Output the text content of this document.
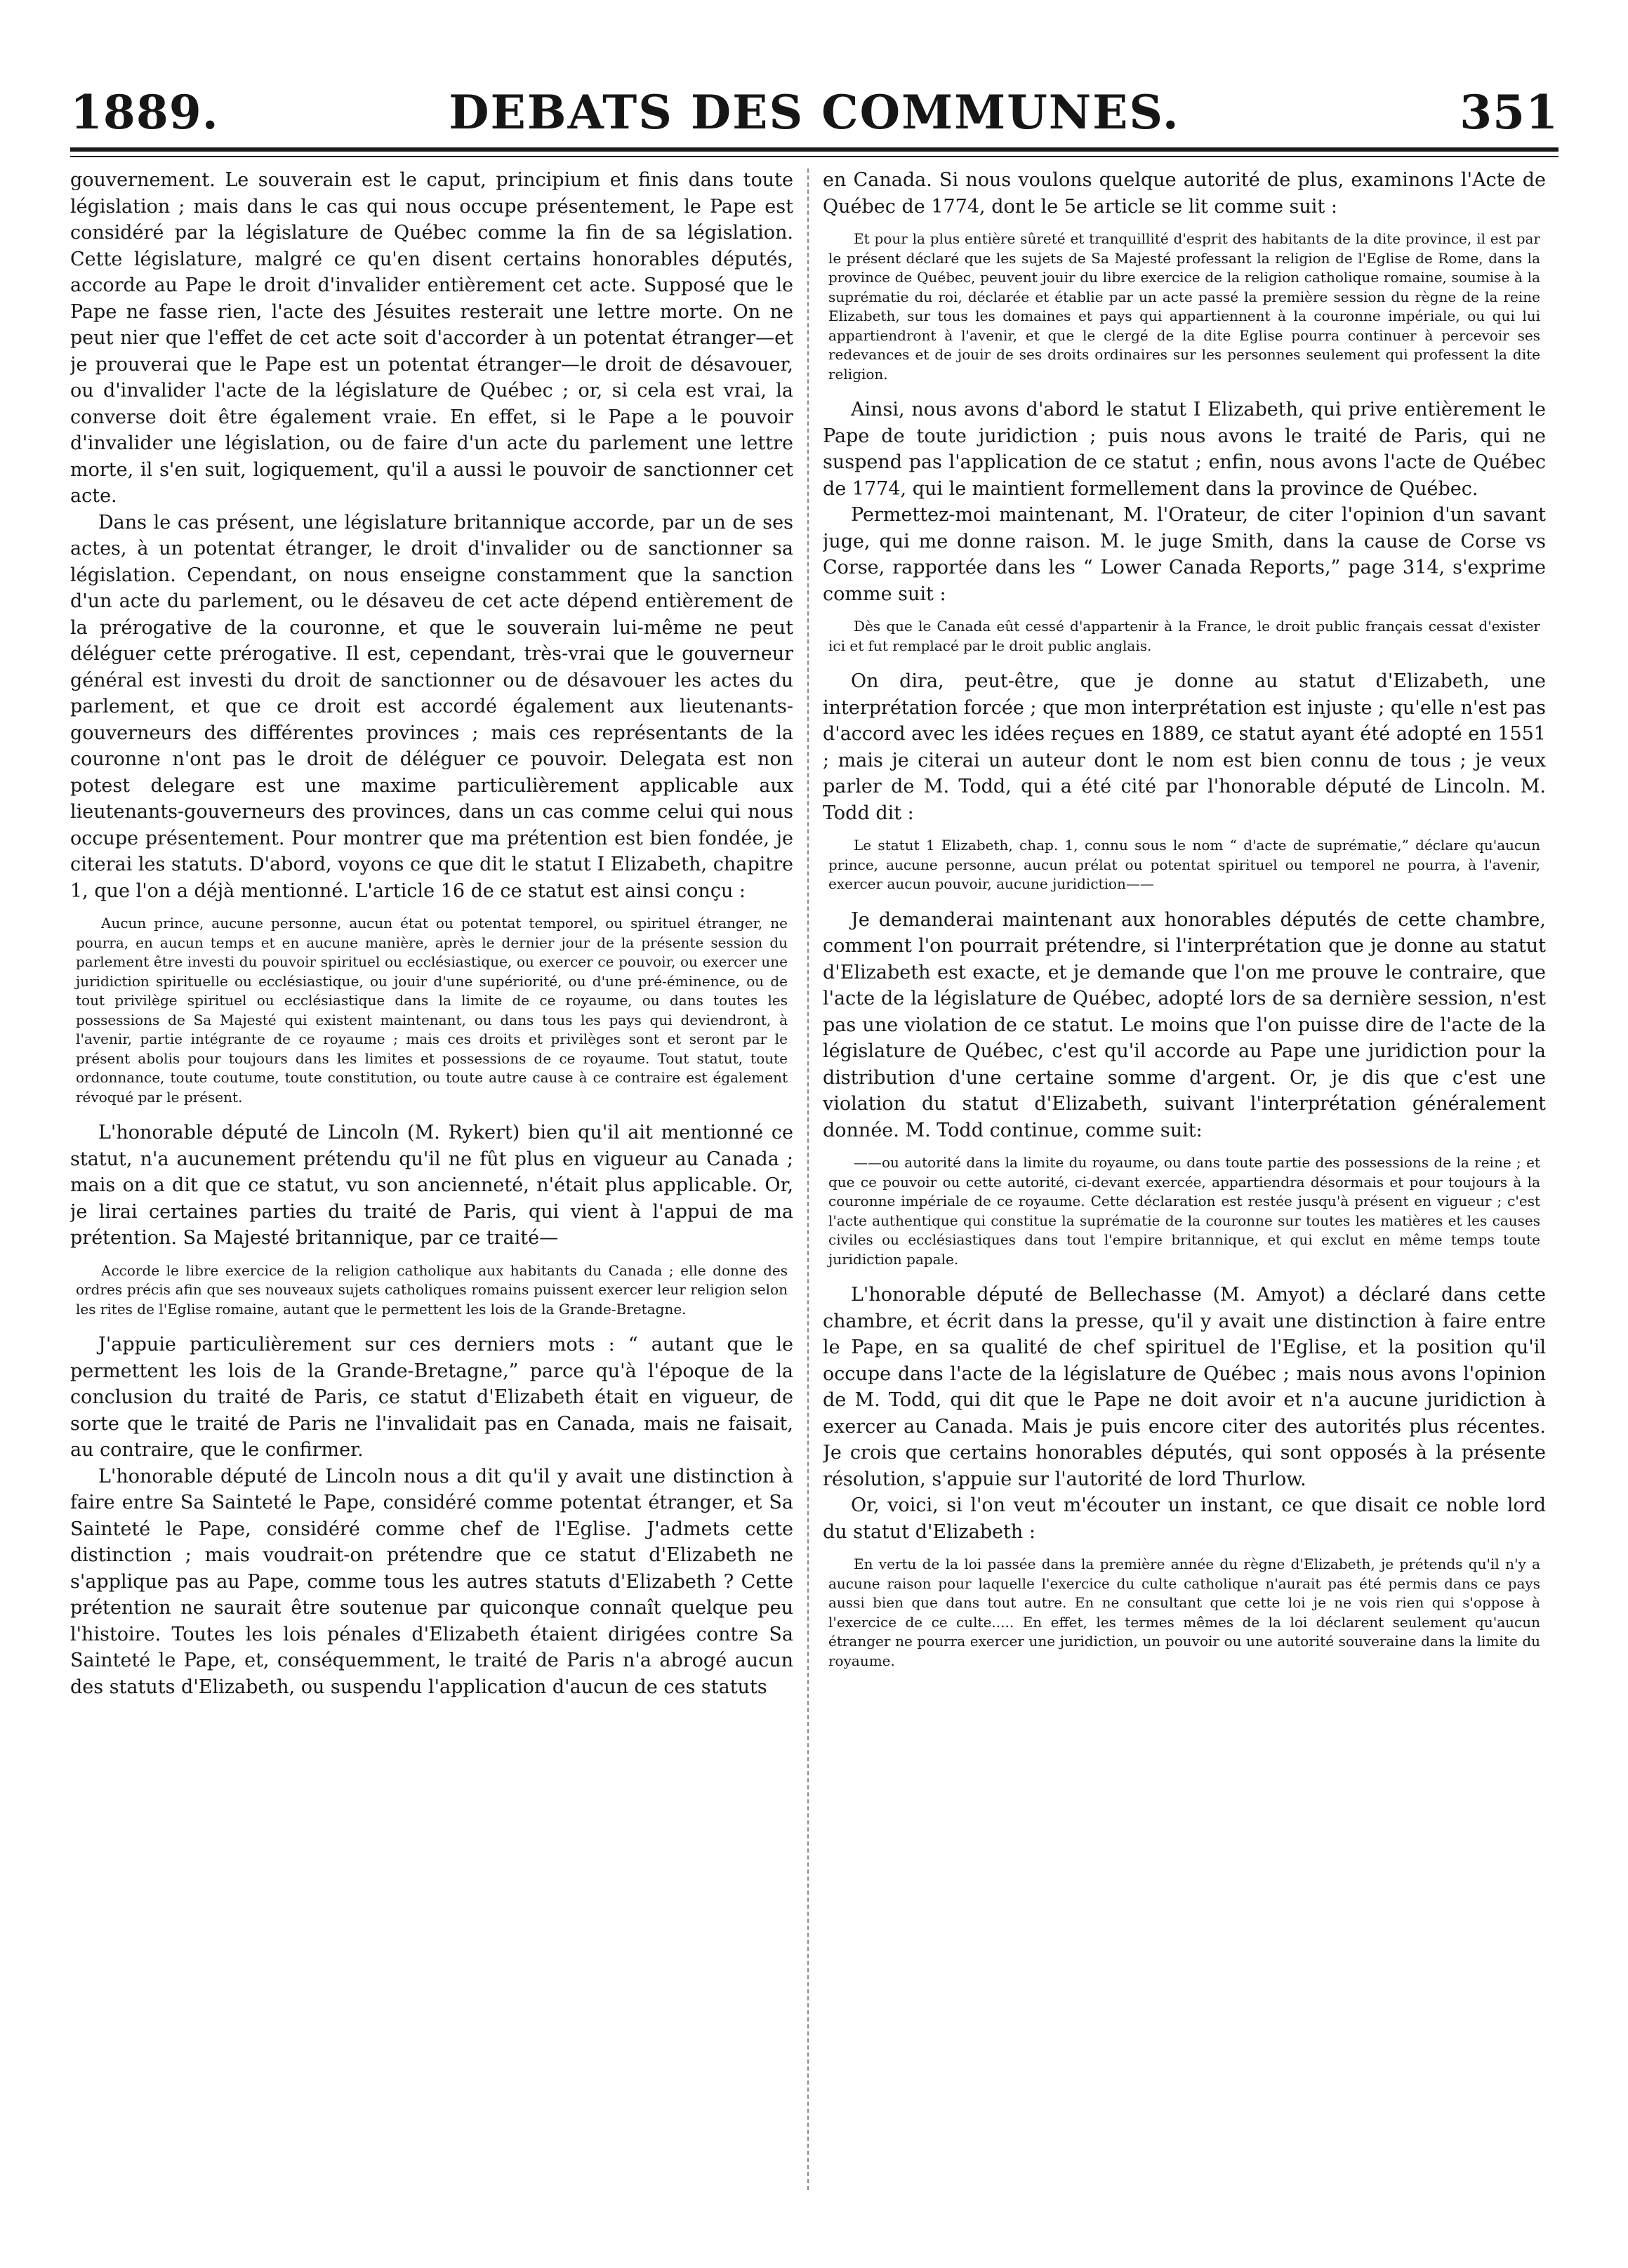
1889.	DEBATS DES COMMUNES.	351

gouvernement. Le souverain est le caput, principium et finis dans toute législation ; mais dans le cas qui nous occupe présentement, le Pape est considéré par la législature de Québec comme la fin de sa législation. Cette législature, malgré ce qu'en disent certains honorables députés, accorde au Pape le droit d'invalider entièrement cet acte. Supposé que le Pape ne fasse rien, l'acte des Jésuites resterait une lettre morte. On ne peut nier que l'effet de cet acte soit d'accorder à un potentat étranger—et je prouverai que le Pape est un potentat étranger—le droit de désavouer, ou d'invalider l'acte de la législature de Québec ; or, si cela est vrai, la converse doit être également vraie. En effet, si le Pape a le pouvoir d'invalider une législation, ou de faire d'un acte du parlement une lettre morte, il s'en suit, logiquement, qu'il a aussi le pouvoir de sanctionner cet acte.

Dans le cas présent, une législature britannique accorde, par un de ses actes, à un potentat étranger, le droit d'invalider ou de sanctionner sa législation. Cependant, on nous enseigne constamment que la sanction d'un acte du parlement, ou le désaveu de cet acte dépend entièrement de la prérogative de la couronne, et que le souverain lui-même ne peut déléguer cette prérogative. Il est, cependant, très-vrai que le gouverneur général est investi du droit de sanctionner ou de désavouer les actes du parlement, et que ce droit est accordé également aux lieutenants-gouverneurs des différentes provinces ; mais ces représentants de la couronne n'ont pas le droit de déléguer ce pouvoir. Delegata est non potest delegare est une maxime particulièrement applicable aux lieutenants-gouverneurs des provinces, dans un cas comme celui qui nous occupe présentement. Pour montrer que ma prétention est bien fondée, je citerai les statuts. D'abord, voyons ce que dit le statut I Elizabeth, chapitre 1, que l'on a déjà mentionné. L'article 16 de ce statut est ainsi conçu :

Aucun prince, aucune personne, aucun état ou potentat temporel, ou spirituel étranger, ne pourra, en aucun temps et en aucune manière, après le dernier jour de la présente session du parlement être investi du pouvoir spirituel ou ecclésiastique, ou exercer ce pouvoir, ou exercer une juridiction spirituelle ou ecclésiastique, ou jouir d'une supériorité, ou d'une pré-éminence, ou de tout privilège spirituel ou ecclésiastique dans la limite de ce royaume, ou dans toutes les possessions de Sa Majesté qui existent maintenant, ou dans tous les pays qui deviendront, à l'avenir, partie intégrante de ce royaume ; mais ces droits et privilèges sont et seront par le présent abolis pour toujours dans les limites et possessions de ce royaume. Tout statut, toute ordonnance, toute coutume, toute constitution, ou toute autre cause à ce contraire est également révoqué par le présent.

L'honorable député de Lincoln (M. Rykert) bien qu'il ait mentionné ce statut, n'a aucunement prétendu qu'il ne fût plus en vigueur au Canada ; mais on a dit que ce statut, vu son ancienneté, n'était plus applicable. Or, je lirai certaines parties du traité de Paris, qui vient à l'appui de ma prétention. Sa Majesté britannique, par ce traité—

Accorde le libre exercice de la religion catholique aux habitants du Canada ; elle donne des ordres précis afin que ses nouveaux sujets catholiques romains puissent exercer leur religion selon les rites de l'Eglise romaine, autant que le permettent les lois de la Grande-Bretagne.

J'appuie particulièrement sur ces derniers mots : “ autant que le permettent les lois de la Grande-Bretagne,” parce qu'à l'époque de la conclusion du traité de Paris, ce statut d'Elizabeth était en vigueur, de sorte que le traité de Paris ne l'invalidait pas en Canada, mais ne faisait, au contraire, que le confirmer.

L'honorable député de Lincoln nous a dit qu'il y avait une distinction à faire entre Sa Sainteté le Pape, considéré comme potentat étranger, et Sa Sainteté le Pape, considéré comme chef de l'Eglise. J'admets cette distinction ; mais voudrait-on prétendre que ce statut d'Elizabeth ne s'applique pas au Pape, comme tous les autres statuts d'Elizabeth ? Cette prétention ne saurait être soutenue par quiconque connaît quelque peu l'histoire. Toutes les lois pénales d'Elizabeth étaient dirigées contre Sa Sainteté le Pape, et, conséquemment, le traité de Paris n'a abrogé aucun des statuts d'Elizabeth, ou suspendu l'application d'aucun de ces statuts

en Canada. Si nous voulons quelque autorité de plus, examinons l'Acte de Québec de 1774, dont le 5e article se lit comme suit :

Et pour la plus entière sûreté et tranquillité d'esprit des habitants de la dite province, il est par le présent déclaré que les sujets de Sa Majesté professant la religion de l'Eglise de Rome, dans la province de Québec, peuvent jouir du libre exercice de la religion catholique romaine, soumise à la suprématie du roi, déclarée et établie par un acte passé la première session du règne de la reine Elizabeth, sur tous les domaines et pays qui appartiennent à la couronne impériale, ou qui lui appartiendront à l'avenir, et que le clergé de la dite Eglise pourra continuer à percevoir ses redevances et de jouir de ses droits ordinaires sur les personnes seulement qui professent la dite religion.

Ainsi, nous avons d'abord le statut I Elizabeth, qui prive entièrement le Pape de toute juridiction ; puis nous avons le traité de Paris, qui ne suspend pas l'application de ce statut ; enfin, nous avons l'acte de Québec de 1774, qui le maintient formellement dans la province de Québec.

Permettez-moi maintenant, M. l'Orateur, de citer l'opinion d'un savant juge, qui me donne raison. M. le juge Smith, dans la cause de Corse vs Corse, rapportée dans les “ Lower Canada Reports,” page 314, s'exprime comme suit :

Dès que le Canada eût cessé d'appartenir à la France, le droit public français cessat d'exister ici et fut remplacé par le droit public anglais.

On dira, peut-être, que je donne au statut d'Elizabeth, une interprétation forcée ; que mon interprétation est injuste ; qu'elle n'est pas d'accord avec les idées reçues en 1889, ce statut ayant été adopté en 1551 ; mais je citerai un auteur dont le nom est bien connu de tous ; je veux parler de M. Todd, qui a été cité par l'honorable député de Lincoln. M. Todd dit :

Le statut 1 Elizabeth, chap. 1, connu sous le nom “ d'acte de suprématie,” déclare qu'aucun prince, aucune personne, aucun prélat ou potentat spirituel ou temporel ne pourra, à l'avenir, exercer aucun pouvoir, aucune juridiction——

Je demanderai maintenant aux honorables députés de cette chambre, comment l'on pourrait prétendre, si l'interprétation que je donne au statut d'Elizabeth est exacte, et je demande que l'on me prouve le contraire, que l'acte de la législature de Québec, adopté lors de sa dernière session, n'est pas une violation de ce statut. Le moins que l'on puisse dire de l'acte de la législature de Québec, c'est qu'il accorde au Pape une juridiction pour la distribution d'une certaine somme d'argent. Or, je dis que c'est une violation du statut d'Elizabeth, suivant l'interprétation généralement donnée. M. Todd continue, comme suit:

——ou autorité dans la limite du royaume, ou dans toute partie des possessions de la reine ; et que ce pouvoir ou cette autorité, ci-devant exercée, appartiendra désormais et pour toujours à la couronne impériale de ce royaume. Cette déclaration est restée jusqu'à présent en vigueur ; c'est l'acte authentique qui constitue la suprématie de la couronne sur toutes les matières et les causes civiles ou ecclésiastiques dans tout l'empire britannique, et qui exclut en même temps toute juridiction papale.

L'honorable député de Bellechasse (M. Amyot) a déclaré dans cette chambre, et écrit dans la presse, qu'il y avait une distinction à faire entre le Pape, en sa qualité de chef spirituel de l'Eglise, et la position qu'il occupe dans l'acte de la législature de Québec ; mais nous avons l'opinion de M. Todd, qui dit que le Pape ne doit avoir et n'a aucune juridiction à exercer au Canada. Mais je puis encore citer des autorités plus récentes. Je crois que certains honorables députés, qui sont opposés à la présente résolution, s'appuie sur l'autorité de lord Thurlow.

Or, voici, si l'on veut m'écouter un instant, ce que disait ce noble lord du statut d'Elizabeth :

En vertu de la loi passée dans la première année du règne d'Elizabeth, je prétends qu'il n'y a aucune raison pour laquelle l'exercice du culte catholique n'aurait pas été permis dans ce pays aussi bien que dans tout autre. En ne consultant que cette loi je ne vois rien qui s'oppose à l'exercice de ce culte..... En effet, les termes mêmes de la loi déclarent seulement qu'aucun étranger ne pourra exercer une juridiction, un pouvoir ou une autorité souveraine dans la limite du royaume.
